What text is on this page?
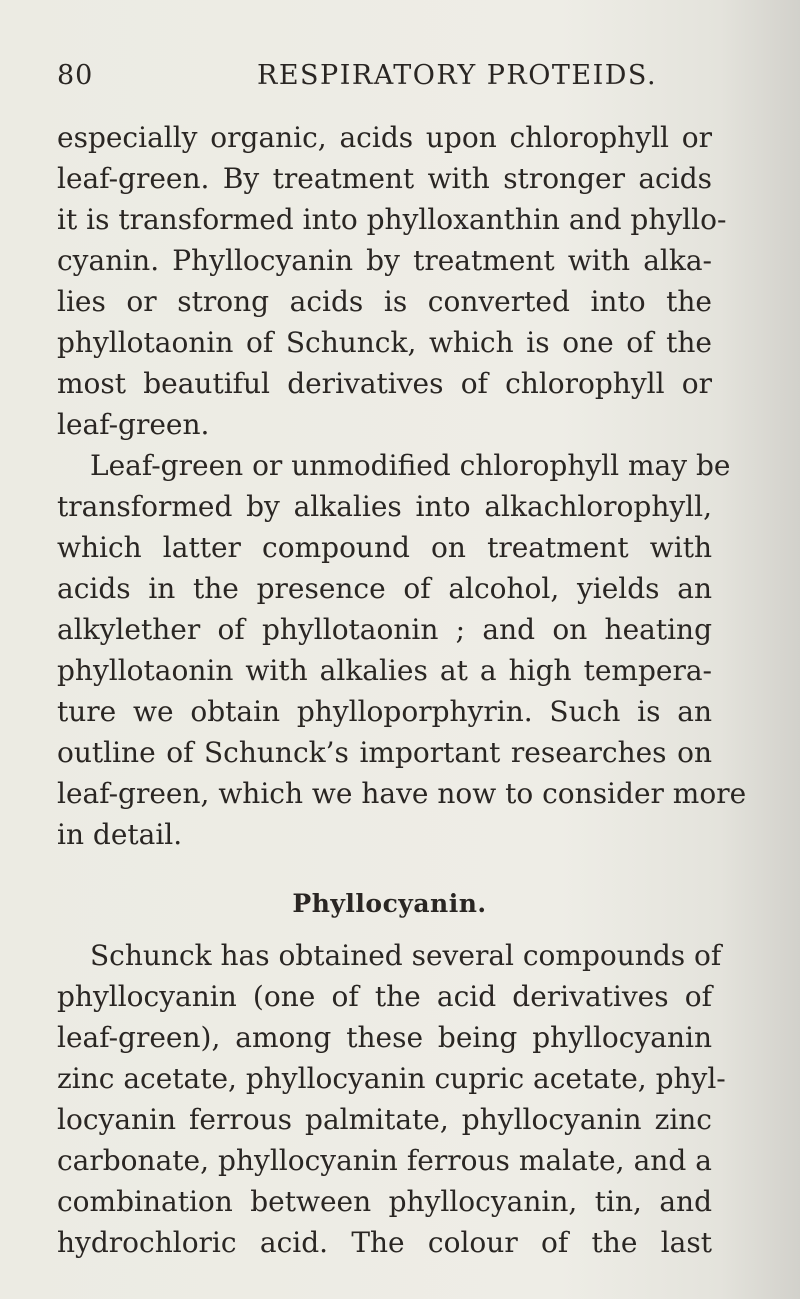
80	RESPIRATORY PROTEIDS.
especially organic, acids upon chlorophyll or
leaf-green. By treatment with stronger acids
it is transformed into phylloxanthin and phyllo-
cyanin. Phyllocyanin by treatment with alka-
lies or strong acids is converted into the
phyllotaonin of Schunck, which is one of the
most beautiful derivatives of chlorophyll or
leaf-green.
Leaf-green or unmodified chlorophyll may be
transformed by alkalies into alkachlorophyll,
which latter compound on treatment with
acids in the presence of alcohol, yields an
alkylether of phyllotaonin ; and on heating
phyllotaonin with alkalies at a high tempera-
ture we obtain phylloporphyrin. Such is an
outline of Schunck’s important researches on
leaf-green, which we have now to consider more
in detail.
Phyllocyanin.
Schunck has obtained several compounds of
phyllocyanin (one of the acid derivatives of
leaf-green), among these being phyllocyanin
zinc acetate, phyllocyanin cupric acetate, phyl-
locyanin ferrous palmitate, phyllocyanin zinc
carbonate, phyllocyanin ferrous malate, and a
combination between phyllocyanin, tin, and
hydrochloric acid. The colour of the last
